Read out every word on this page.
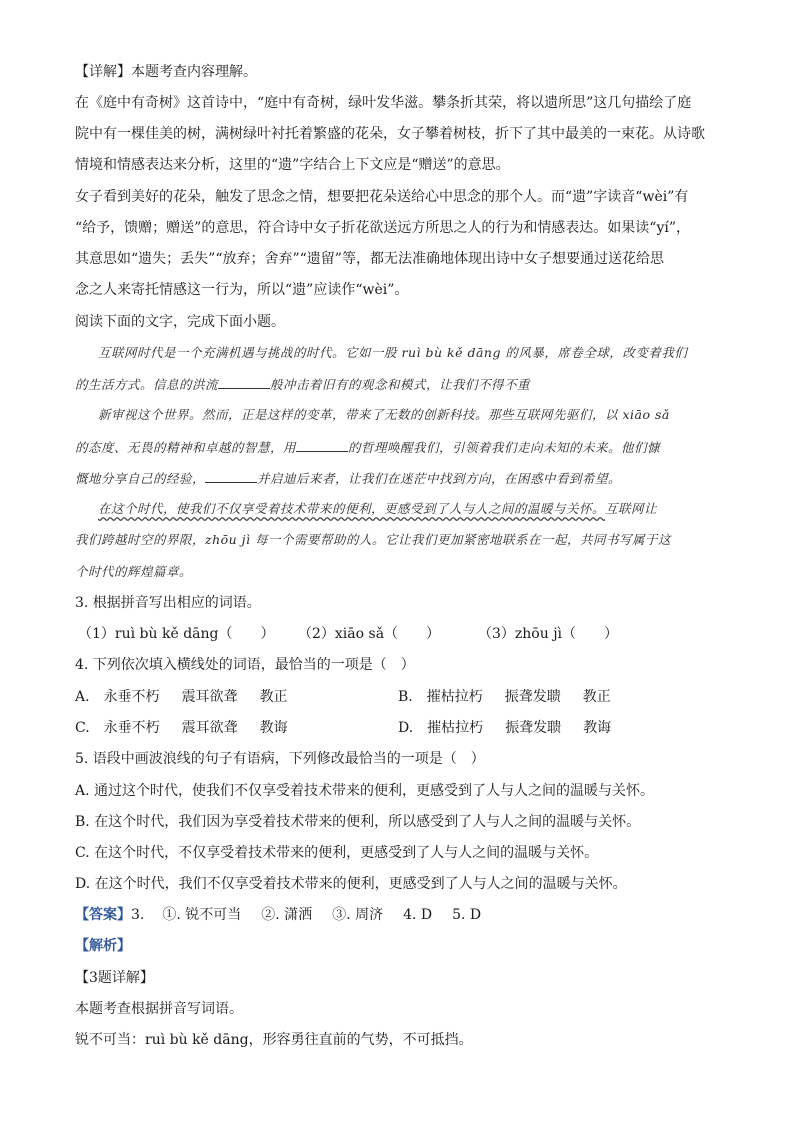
【详解】本题考查内容理解。
在《庭中有奇树》这首诗中，“庭中有奇树，绿叶发华滋。攀条折其荣，将以遗所思”这几句描绘了庭
院中有一棵佳美的树，满树绿叶衬托着繁盛的花朵，女子攀着树枝，折下了其中最美的一束花。从诗歌
情境和情感表达来分析，这里的“遗”字结合上下文应是“赠送”的意思。
女子看到美好的花朵，触发了思念之情，想要把花朵送给心中思念的那个人。而“遗”字读音“wèi”有
“给予，馈赠；赠送”的意思，符合诗中女子折花欲送远方所思之人的行为和情感表达。如果读“yí”，
其意思如“遗失；丢失”“放弃；舍弃”“遗留”等，都无法准确地体现出诗中女子想要通过送花给思
念之人来寄托情感这一行为，所以“遗”应读作“wèi”。
阅读下面的文字，完成下面小题。
互联网时代是一个充满机遇与挑战的时代。它如一股 ruì bù kě dāng 的风暴，席卷全球，改变着我们
的生活方式。信息的洪流	般冲击着旧有的观念和模式，让我们不得不重
新审视这个世界。然而，正是这样的变革，带来了无数的创新科技。那些互联网先驱们，以 xiāo sǎ
的态度、无畏的精神和卓越的智慧，用	的哲理唤醒我们，引领着我们走向未知的未来。他们慷
慨地分享自己的经验，	并启迪后来者，让我们在迷茫中找到方向，在困惑中看到希望。
在这个时代，使我们不仅享受着技术带来的便利，更感受到了人与人之间的温暖与关怀。互联网让
我们跨越时空的界限，zhōu jì 每一个需要帮助的人。它让我们更加紧密地联系在一起，共同书写属于这
个时代的辉煌篇章。
3. 根据拼音写出相应的词语。
（1）ruì bù kě dāng（　　） （2）xiāo sǎ（　　）	（3）zhōu jì（　　）
4. 下列依次填入横线处的词语，最恰当的一项是（　）
A. 永垂不朽 震耳欲聋 教正	B. 摧枯拉朽 振聋发聩 教正
C. 永垂不朽 震耳欲聋 教诲	D. 摧枯拉朽 振聋发聩 教诲
5. 语段中画波浪线的句子有语病，下列修改最恰当的一项是（　）
A. 通过这个时代，使我们不仅享受着技术带来的便利，更感受到了人与人之间的温暖与关怀。
B. 在这个时代，我们因为享受着技术带来的便利，所以感受到了人与人之间的温暖与关怀。
C. 在这个时代，不仅享受着技术带来的便利，更感受到了人与人之间的温暖与关怀。
D. 在这个时代，我们不仅享受着技术带来的便利，更感受到了人与人之间的温暖与关怀。
【答案】3. ①. 锐不可当 ②. 潇洒 ③. 周济 4. D 5. D
【解析】
【3题详解】
本题考查根据拼音写词语。
锐不可当：ruì bù kě dāng，形容勇往直前的气势，不可抵挡。
